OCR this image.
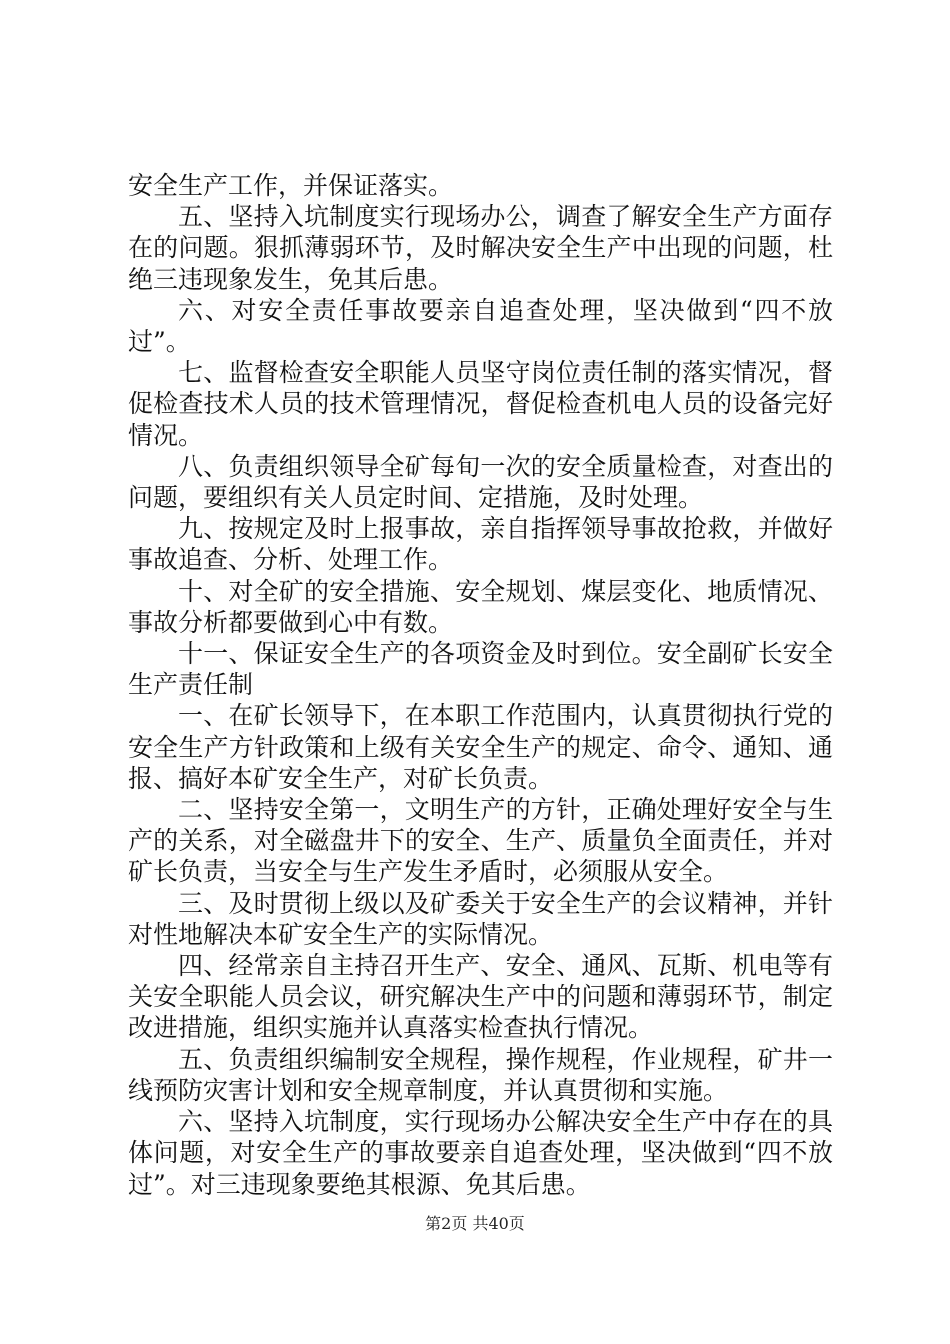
安全生产工作，并保证落实。

五、坚持入坑制度实行现场办公，调查了解安全生产方面存在的问题。狠抓薄弱环节，及时解决安全生产中出现的问题，杜绝三违现象发生，免其后患。

六、对安全责任事故要亲自追查处理，坚决做到“四不放过”。

七、监督检查安全职能人员坚守岗位责任制的落实情况，督促检查技术人员的技术管理情况，督促检查机电人员的设备完好情况。

八、负责组织领导全矿每旬一次的安全质量检查，对查出的问题，要组织有关人员定时间、定措施，及时处理。

九、按规定及时上报事故，亲自指挥领导事故抢救，并做好事故追查、分析、处理工作。

十、对全矿的安全措施、安全规划、煤层变化、地质情况、事故分析都要做到心中有数。

十一、保证安全生产的各项资金及时到位。安全副矿长安全生产责任制

一、在矿长领导下，在本职工作范围内，认真贯彻执行党的安全生产方针政策和上级有关安全生产的规定、命令、通知、通报、搞好本矿安全生产，对矿长负责。

二、坚持安全第一，文明生产的方针，正确处理好安全与生产的关系，对全磁盘井下的安全、生产、质量负全面责任，并对矿长负责，当安全与生产发生矛盾时，必须服从安全。

三、及时贯彻上级以及矿委关于安全生产的会议精神，并针对性地解决本矿安全生产的实际情况。

四、经常亲自主持召开生产、安全、通风、瓦斯、机电等有关安全职能人员会议，研究解决生产中的问题和薄弱环节，制定改进措施，组织实施并认真落实检查执行情况。

五、负责组织编制安全规程，操作规程，作业规程，矿井一线预防灾害计划和安全规章制度，并认真贯彻和实施。

六、坚持入坑制度，实行现场办公解决安全生产中存在的具体问题，对安全生产的事故要亲自追查处理，坚决做到“四不放过”。对三违现象要绝其根源、免其后患。

第2页 共40页
